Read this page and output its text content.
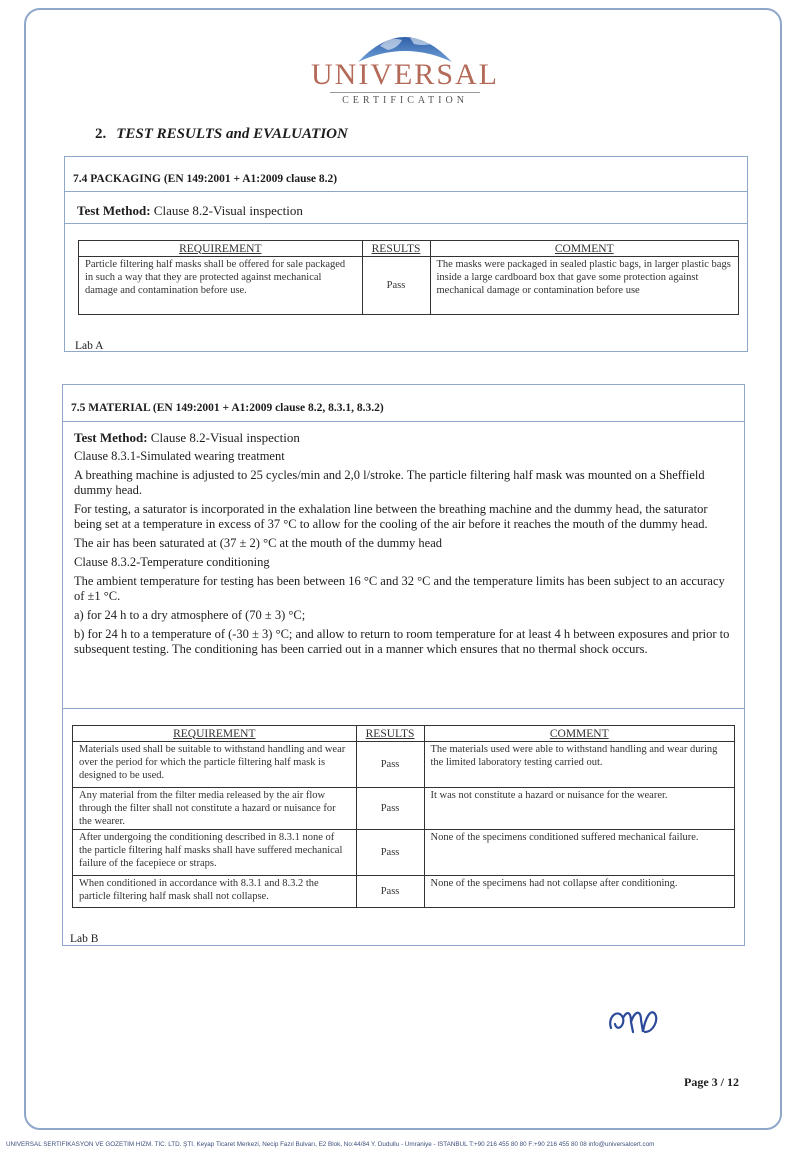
UNIVERSAL
CERTIFICATION
2. TEST RESULTS and EVALUATION
7.4 PACKAGING (EN 149:2001 + A1:2009 clause 8.2)
Test Method: Clause 8.2-Visual inspection
REQUIREMENT	RESULTS	COMMENT
Particle filtering half masks shall be offered for sale packaged in such a way that they are protected against mechanical damage and contamination before use.	Pass	The masks were packaged in sealed plastic bags, in larger plastic bags inside a large cardboard box that gave some protection against mechanical damage or contamination before use
Lab A
7.5 MATERIAL (EN 149:2001 + A1:2009 clause 8.2, 8.3.1, 8.3.2)

Test Method: Clause 8.2-Visual inspection

Clause 8.3.1-Simulated wearing treatment

A breathing machine is adjusted to 25 cycles/min and 2,0 l/stroke. The particle filtering half mask was mounted on a Sheffield dummy head.

For testing, a saturator is incorporated in the exhalation line between the breathing machine and the dummy head, the saturator being set at a temperature in excess of 37 °C to allow for the cooling of the air before it reaches the mouth of the dummy head.

The air has been saturated at (37 ± 2) °C at the mouth of the dummy head

Clause 8.3.2-Temperature conditioning

The ambient temperature for testing has been between 16 °C and 32 °C and the temperature limits has been subject to an accuracy of ±1 °C.

a) for 24 h to a dry atmosphere of (70 ± 3) °C;

b) for 24 h to a temperature of (-30 ± 3) °C; and allow to return to room temperature for at least 4 h between exposures and prior to subsequent testing. The conditioning has been carried out in a manner which ensures that no thermal shock occurs.

REQUIREMENT	RESULTS	COMMENT
Materials used shall be suitable to withstand handling and wear over the period for which the particle filtering half mask is designed to be used.	Pass	The materials used were able to withstand handling and wear during the limited laboratory testing carried out.
Any material from the filter media released by the air flow through the filter shall not constitute a hazard or nuisance for the wearer.	Pass	It was not constitute a hazard or nuisance for the wearer.
After undergoing the conditioning described in 8.3.1 none of the particle filtering half masks shall have suffered mechanical failure of the facepiece or straps.	Pass	None of the specimens conditioned suffered mechanical failure.
When conditioned in accordance with 8.3.1 and 8.3.2 the particle filtering half mask shall not collapse.	Pass	None of the specimens had not collapse after conditioning.
Lab B
Page 3 / 12
UNIVERSAL SERTİFİKASYON VE GÖZETİM HİZM. TİC. LTD. ŞTİ. Keyap Ticaret Merkezi, Necip Fazıl Bulvarı, E2 Blok, No:44/84 Y. Dudullu - Ümraniye - İSTANBUL T:+90 216 455 80 80 F:+90 216 455 80 08 info@universalcert.com
